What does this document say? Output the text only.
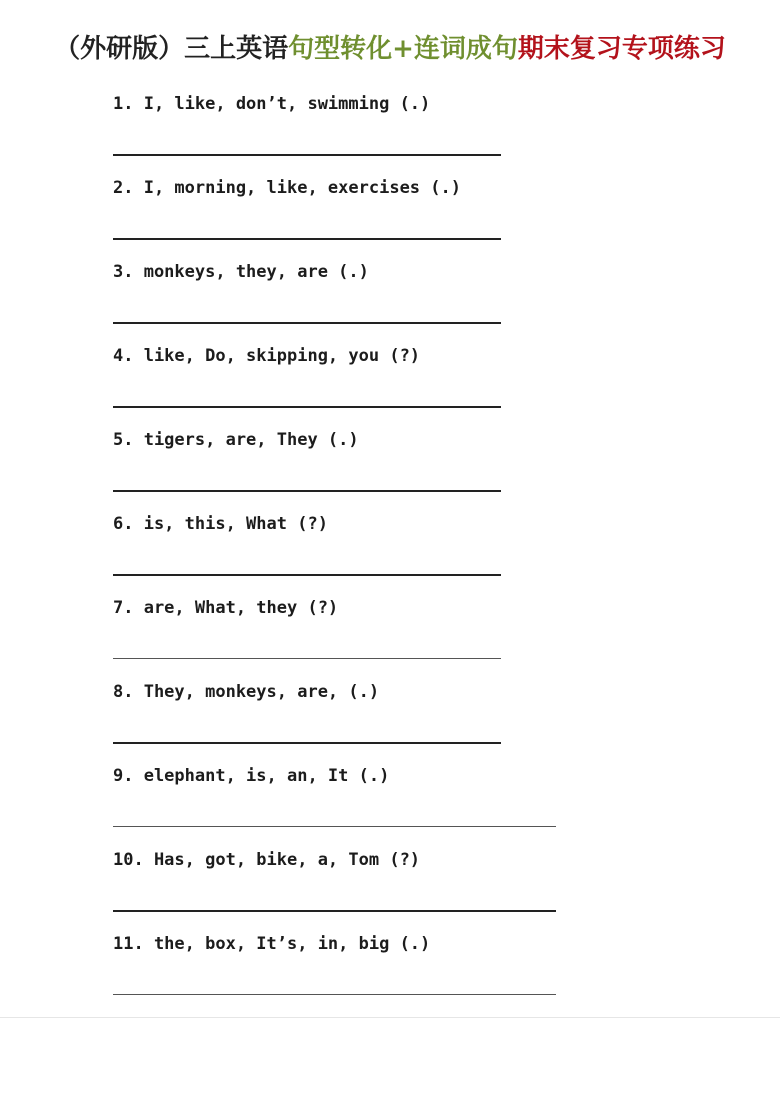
（外研版）三上英语句型转化+连词成句期末复习专项练习
1. I, like, don’t, swimming (.)
2. I, morning, like, exercises (.)
3. monkeys, they, are (.)
4. like, Do, skipping, you (?)
5. tigers, are, They (.)
6. is, this, What (?)
7. are, What, they (?)
8. They, monkeys, are, (.)
9. elephant, is, an, It (.)
10. Has, got, bike, a, Tom (?)
11. the, box, It’s, in, big (.)
